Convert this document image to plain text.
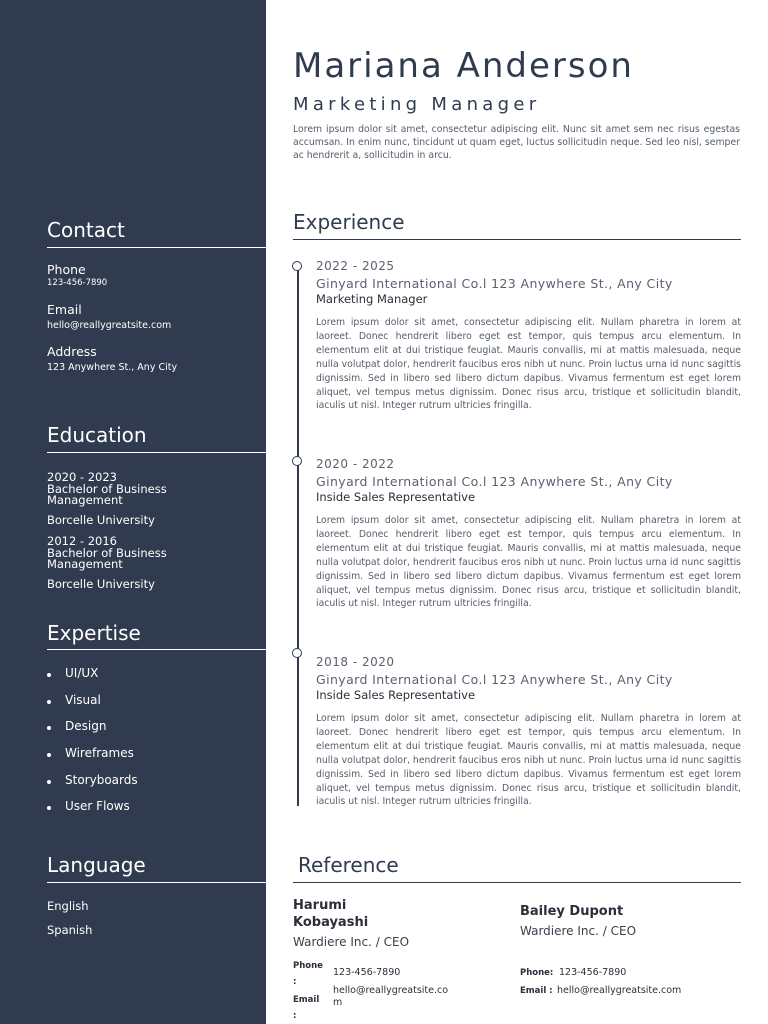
Contact
Phone
123-456-7890
Email
hello@reallygreatsite.com
Address
123 Anywhere St., Any City
Education
2020 - 2023
Bachelor of Business Management
Borcelle University
2012 - 2016
Bachelor of Business Management
Borcelle University
Expertise
UI/UX
Visual
Design
Wireframes
Storyboards
User Flows
Language
English
Spanish
Mariana Anderson
Marketing Manager
Lorem ipsum dolor sit amet, consectetur adipiscing elit. Nunc sit amet sem nec risus egestas accumsan. In enim nunc, tincidunt ut quam eget, luctus sollicitudin neque. Sed leo nisl, semper ac hendrerit a, sollicitudin in arcu.
Experience
2022 - 2025
Ginyard International Co.l 123 Anywhere St., Any City
Marketing Manager
Lorem ipsum dolor sit amet, consectetur adipiscing elit. Nullam pharetra in lorem at laoreet. Donec hendrerit libero eget est tempor, quis tempus arcu elementum. In elementum elit at dui tristique feugiat. Mauris convallis, mi at mattis malesuada, neque nulla volutpat dolor, hendrerit faucibus eros nibh ut nunc. Proin luctus urna id nunc sagittis dignissim. Sed in libero sed libero dictum dapibus. Vivamus fermentum est eget lorem aliquet, vel tempus metus dignissim. Donec risus arcu, tristique et sollicitudin blandit, iaculis ut nisl. Integer rutrum ultricies fringilla.
2020 - 2022
Ginyard International Co.l 123 Anywhere St., Any City
Inside Sales Representative
Lorem ipsum dolor sit amet, consectetur adipiscing elit. Nullam pharetra in lorem at laoreet. Donec hendrerit libero eget est tempor, quis tempus arcu elementum. In elementum elit at dui tristique feugiat. Mauris convallis, mi at mattis malesuada, neque nulla volutpat dolor, hendrerit faucibus eros nibh ut nunc. Proin luctus urna id nunc sagittis dignissim. Sed in libero sed libero dictum dapibus. Vivamus fermentum est eget lorem aliquet, vel tempus metus dignissim. Donec risus arcu, tristique et sollicitudin blandit, iaculis ut nisl. Integer rutrum ultricies fringilla.
2018 - 2020
Ginyard International Co.l 123 Anywhere St., Any City
Inside Sales Representative
Lorem ipsum dolor sit amet, consectetur adipiscing elit. Nullam pharetra in lorem at laoreet. Donec hendrerit libero eget est tempor, quis tempus arcu elementum. In elementum elit at dui tristique feugiat. Mauris convallis, mi at mattis malesuada, neque nulla volutpat dolor, hendrerit faucibus eros nibh ut nunc. Proin luctus urna id nunc sagittis dignissim. Sed in libero sed libero dictum dapibus. Vivamus fermentum est eget lorem aliquet, vel tempus metus dignissim. Donec risus arcu, tristique et sollicitudin blandit, iaculis ut nisl. Integer rutrum ultricies fringilla.
Reference
Harumi Kobayashi
Wardiere Inc. / CEO
Phone :
123-456-7890
Email :
hello@reallygreatsite.com
Bailey Dupont
Wardiere Inc. / CEO
Phone: 123-456-7890
Email : hello@reallygreatsite.com
